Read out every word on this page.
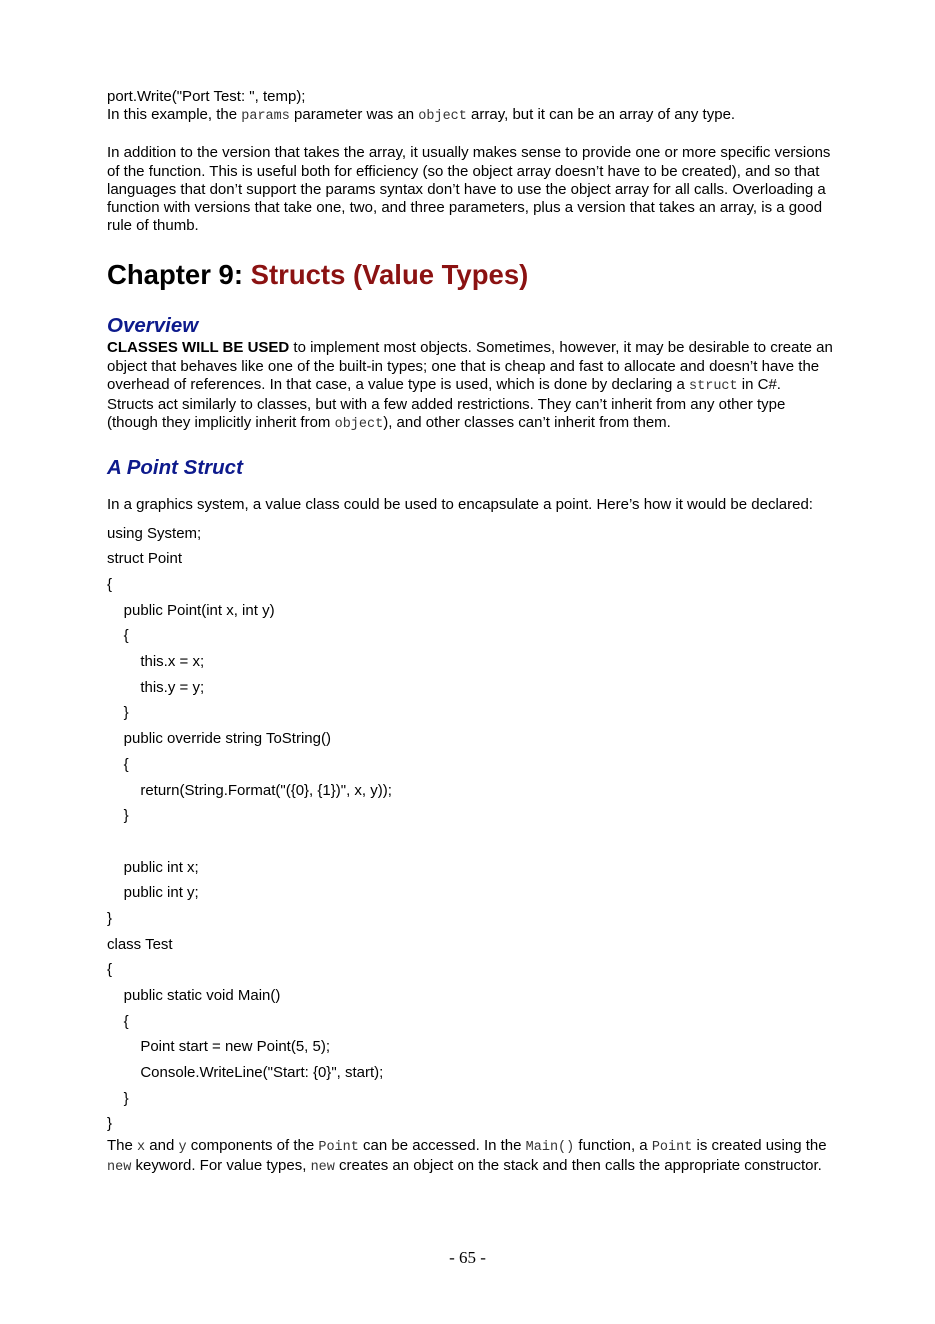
port.Write("Port Test: ", temp);

In this example, the params parameter was an object array, but it can be an array of any type.

In addition to the version that takes the array, it usually makes sense to provide one or more specific versions of the function. This is useful both for efficiency (so the object array doesn’t have to be created), and so that languages that don’t support the params syntax don’t have to use the object array for all calls. Overloading a function with versions that take one, two, and three parameters, plus a version that takes an array, is a good rule of thumb.

Chapter 9: Structs (Value Types)
Overview

CLASSES WILL BE USED to implement most objects. Sometimes, however, it may be desirable to create an object that behaves like one of the built-in types; one that is cheap and fast to allocate and doesn’t have the overhead of references. In that case, a value type is used, which is done by declaring a struct in C#.

Structs act similarly to classes, but with a few added restrictions. They can’t inherit from any other type (though they implicitly inherit from object), and other classes can’t inherit from them.

A Point Struct

In a graphics system, a value class could be used to encapsulate a point. Here’s how it would be declared:

using System;
struct Point
{
public Point(int x, int y)
{
this.x = x;
this.y = y;
}
public override string ToString()
{
return(String.Format("({0}, {1})", x, y));
}
public int x;
public int y;
}
class Test
{
public static void Main()
{
Point start = new Point(5, 5);
Console.WriteLine("Start: {0}", start);
}
}

The x and y components of the Point can be accessed. In the Main() function, a Point is created using the new keyword. For value types, new creates an object on the stack and then calls the appropriate constructor.

- 65 -
